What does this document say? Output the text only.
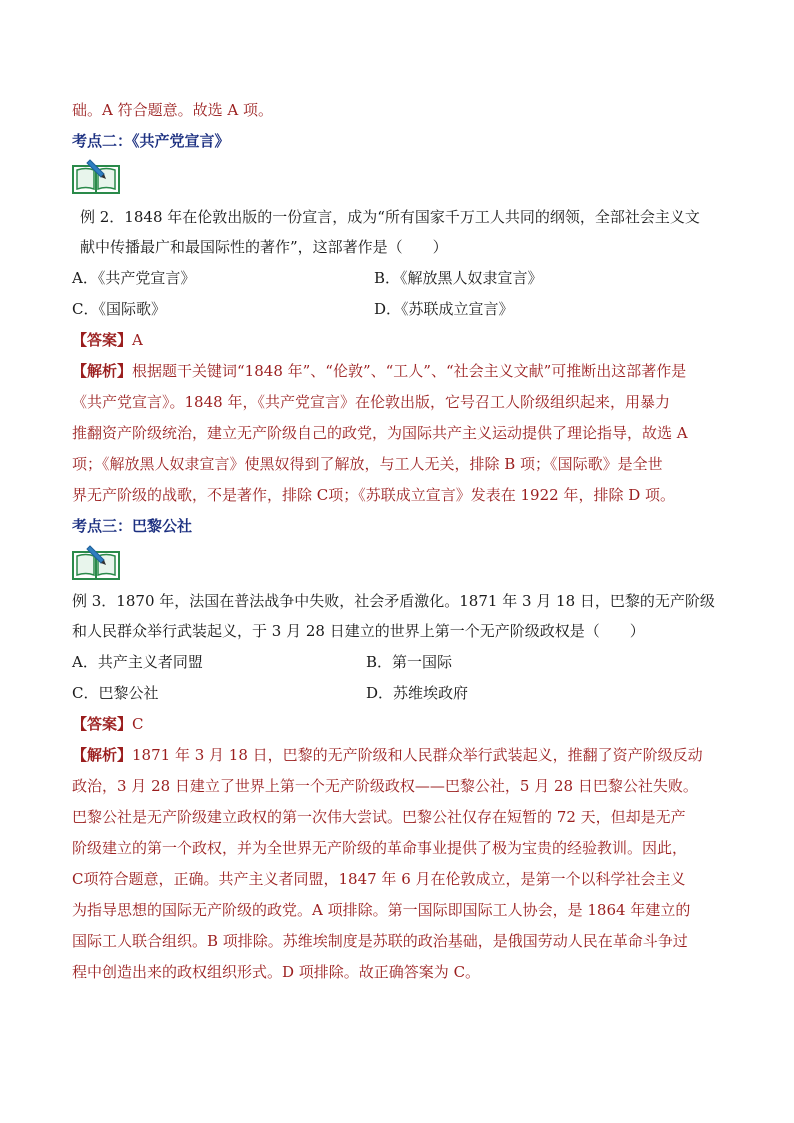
础。A 符合题意。故选 A 项。
考点二：《共产党宣言》
例 2．1848 年在伦敦出版的一份宣言，成为“所有国家千万工人共同的纲领，全部社会主义文
献中传播最广和最国际性的著作”，这部著作是（　　）
A．《共产党宣言》	B．《解放黑人奴隶宣言》
C．《国际歌》	D．《苏联成立宣言》
【答案】A
【解析】根据题干关键词“1848 年”、“伦敦”、“工人”、“社会主义文献”可推断出这部著作是
《共产党宣言》。1848 年，《共产党宣言》在伦敦出版，它号召工人阶级组织起来，用暴力
推翻资产阶级统治，建立无产阶级自己的政党，为国际共产主义运动提供了理论指导，故选 A
项；《解放黑人奴隶宣言》使黑奴得到了解放，与工人无关，排除 B 项；《国际歌》是全世
界无产阶级的战歌，不是著作，排除 C项；《苏联成立宣言》发表在 1922 年，排除 D 项。
考点三：巴黎公社
例 3．1870 年，法国在普法战争中失败，社会矛盾激化。1871 年 3 月 18 日，巴黎的无产阶级
和人民群众举行武装起义，于 3 月 28 日建立的世界上第一个无产阶级政权是（　　）
A．共产主义者同盟	B．第一国际
C．巴黎公社	D．苏维埃政府
【答案】C
【解析】1871 年 3 月 18 日，巴黎的无产阶级和人民群众举行武装起义，推翻了资产阶级反动
政治，3 月 28 日建立了世界上第一个无产阶级政权——巴黎公社，5 月 28 日巴黎公社失败。
巴黎公社是无产阶级建立政权的第一次伟大尝试。巴黎公社仅存在短暂的 72 天，但却是无产
阶级建立的第一个政权，并为全世界无产阶级的革命事业提供了极为宝贵的经验教训。因此，
C项符合题意，正确。共产主义者同盟，1847 年 6 月在伦敦成立，是第一个以科学社会主义
为指导思想的国际无产阶级的政党。A 项排除。第一国际即国际工人协会，是 1864 年建立的
国际工人联合组织。B 项排除。苏维埃制度是苏联的政治基础，是俄国劳动人民在革命斗争过
程中创造出来的政权组织形式。D 项排除。故正确答案为 C。
